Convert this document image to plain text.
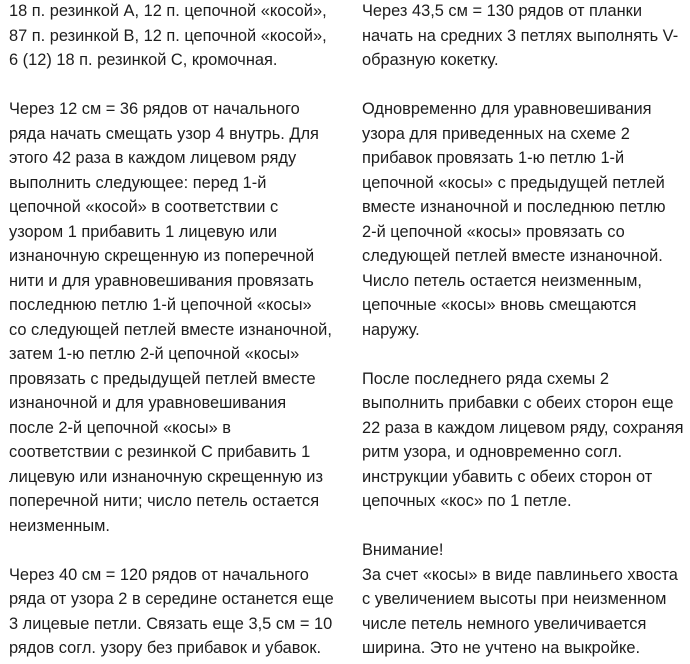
18 п. резинкой А, 12 п. цепочной «косой»,
87 п. резинкой В, 12 п. цепочной «косой»,
6 (12) 18 п. резинкой С, кромочная.

Через 12 см = 36 рядов от начального
ряда начать смещать узор 4 внутрь. Для
этого 42 раза в каждом лицевом ряду
выполнить следующее: перед 1-й
цепочной «косой» в соответствии с
узором 1 прибавить 1 лицевую или
изнаночную скрещенную из поперечной
нити и для уравновешивания провязать
последнюю петлю 1-й цепочной «косы»
со следующей петлей вместе изнаночной,
затем 1-ю петлю 2-й цепочной «косы»
провязать с предыдущей петлей вместе
изнаночной и для уравновешивания
после 2-й цепочной «косы» в
соответствии с резинкой С прибавить 1
лицевую или изнаночную скрещенную из
поперечной нити; число петель остается
неизменным.

Через 40 см = 120 рядов от начального
ряда от узора 2 в середине останется еще
3 лицевые петли. Связать еще 3,5 см = 10
рядов согл. узору без прибавок и убавок.

Через 43,5 см = 130 рядов от планки
начать на средних 3 петлях выполнять V-
образную кокетку.

Одновременно для уравновешивания
узора для приведенных на схеме 2
прибавок провязать 1-ю петлю 1-й
цепочной «косы» с предыдущей петлей
вместе изнаночной и последнюю петлю
2-й цепочной «косы» провязать со
следующей петлей вместе изнаночной.
Число петель остается неизменным,
цепочные «косы» вновь смещаются
наружу.

После последнего ряда схемы 2
выполнить прибавки с обеих сторон еще
22 раза в каждом лицевом ряду, сохраняя
ритм узора, и одновременно согл.
инструкции убавить с обеих сторон от
цепочных «кос» по 1 петле.

Внимание!
За счет «косы» в виде павлиньего хвоста
с увеличением высоты при неизменном
числе петель немного увеличивается
ширина. Это не учтено на выкройке.
